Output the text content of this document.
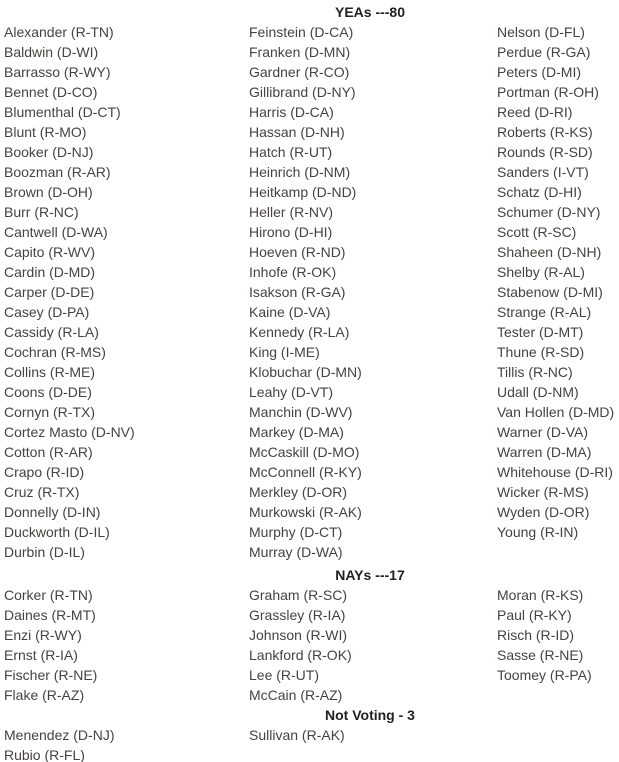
YEAs ---80
Alexander (R-TN)
Baldwin (D-WI)
Barrasso (R-WY)
Bennet (D-CO)
Blumenthal (D-CT)
Blunt (R-MO)
Booker (D-NJ)
Boozman (R-AR)
Brown (D-OH)
Burr (R-NC)
Cantwell (D-WA)
Capito (R-WV)
Cardin (D-MD)
Carper (D-DE)
Casey (D-PA)
Cassidy (R-LA)
Cochran (R-MS)
Collins (R-ME)
Coons (D-DE)
Cornyn (R-TX)
Cortez Masto (D-NV)
Cotton (R-AR)
Crapo (R-ID)
Cruz (R-TX)
Donnelly (D-IN)
Duckworth (D-IL)
Durbin (D-IL)
Feinstein (D-CA)
Franken (D-MN)
Gardner (R-CO)
Gillibrand (D-NY)
Harris (D-CA)
Hassan (D-NH)
Hatch (R-UT)
Heinrich (D-NM)
Heitkamp (D-ND)
Heller (R-NV)
Hirono (D-HI)
Hoeven (R-ND)
Inhofe (R-OK)
Isakson (R-GA)
Kaine (D-VA)
Kennedy (R-LA)
King (I-ME)
Klobuchar (D-MN)
Leahy (D-VT)
Manchin (D-WV)
Markey (D-MA)
McCaskill (D-MO)
McConnell (R-KY)
Merkley (D-OR)
Murkowski (R-AK)
Murphy (D-CT)
Murray (D-WA)
Nelson (D-FL)
Perdue (R-GA)
Peters (D-MI)
Portman (R-OH)
Reed (D-RI)
Roberts (R-KS)
Rounds (R-SD)
Sanders (I-VT)
Schatz (D-HI)
Schumer (D-NY)
Scott (R-SC)
Shaheen (D-NH)
Shelby (R-AL)
Stabenow (D-MI)
Strange (R-AL)
Tester (D-MT)
Thune (R-SD)
Tillis (R-NC)
Udall (D-NM)
Van Hollen (D-MD)
Warner (D-VA)
Warren (D-MA)
Whitehouse (D-RI)
Wicker (R-MS)
Wyden (D-OR)
Young (R-IN)
NAYs ---17
Corker (R-TN)
Daines (R-MT)
Enzi (R-WY)
Ernst (R-IA)
Fischer (R-NE)
Flake (R-AZ)
Graham (R-SC)
Grassley (R-IA)
Johnson (R-WI)
Lankford (R-OK)
Lee (R-UT)
McCain (R-AZ)
Moran (R-KS)
Paul (R-KY)
Risch (R-ID)
Sasse (R-NE)
Toomey (R-PA)
Not Voting - 3
Menendez (D-NJ)
Rubio (R-FL)
Sullivan (R-AK)
